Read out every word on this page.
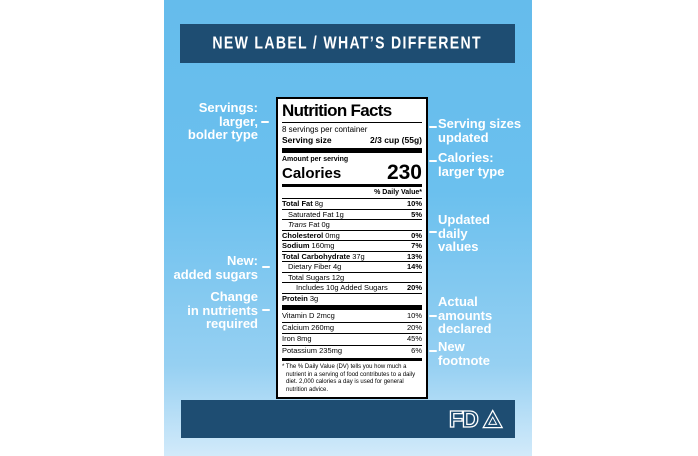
NEW LABEL / WHAT’S DIFFERENT
Nutrition Facts
8 servings per container
Serving size	2/3 cup (55g)
Amount per serving
Calories 230
% Daily Value*
Total Fat 8g	10%
Saturated Fat 1g	5%
Trans Fat 0g
Cholesterol 0mg	0%
Sodium 160mg	7%
Total Carbohydrate 37g	13%
Dietary Fiber 4g	14%
Total Sugars 12g
Includes 10g Added Sugars	20%
Protein 3g
Vitamin D 2mcg	10%
Calcium 260mg	20%
Iron 8mg	45%
Potassium 235mg	6%
* The % Daily Value (DV) tells you how much a nutrient in a serving of food contributes to a daily diet. 2,000 calories a day is used for general nutrition advice.
Servings:
larger,
bolder type
New:
added sugars
Change
in nutrients
required
Serving sizes
updated
Calories:
larger type
Updated
daily
values
Actual
amounts
declared
New
footnote
FD
